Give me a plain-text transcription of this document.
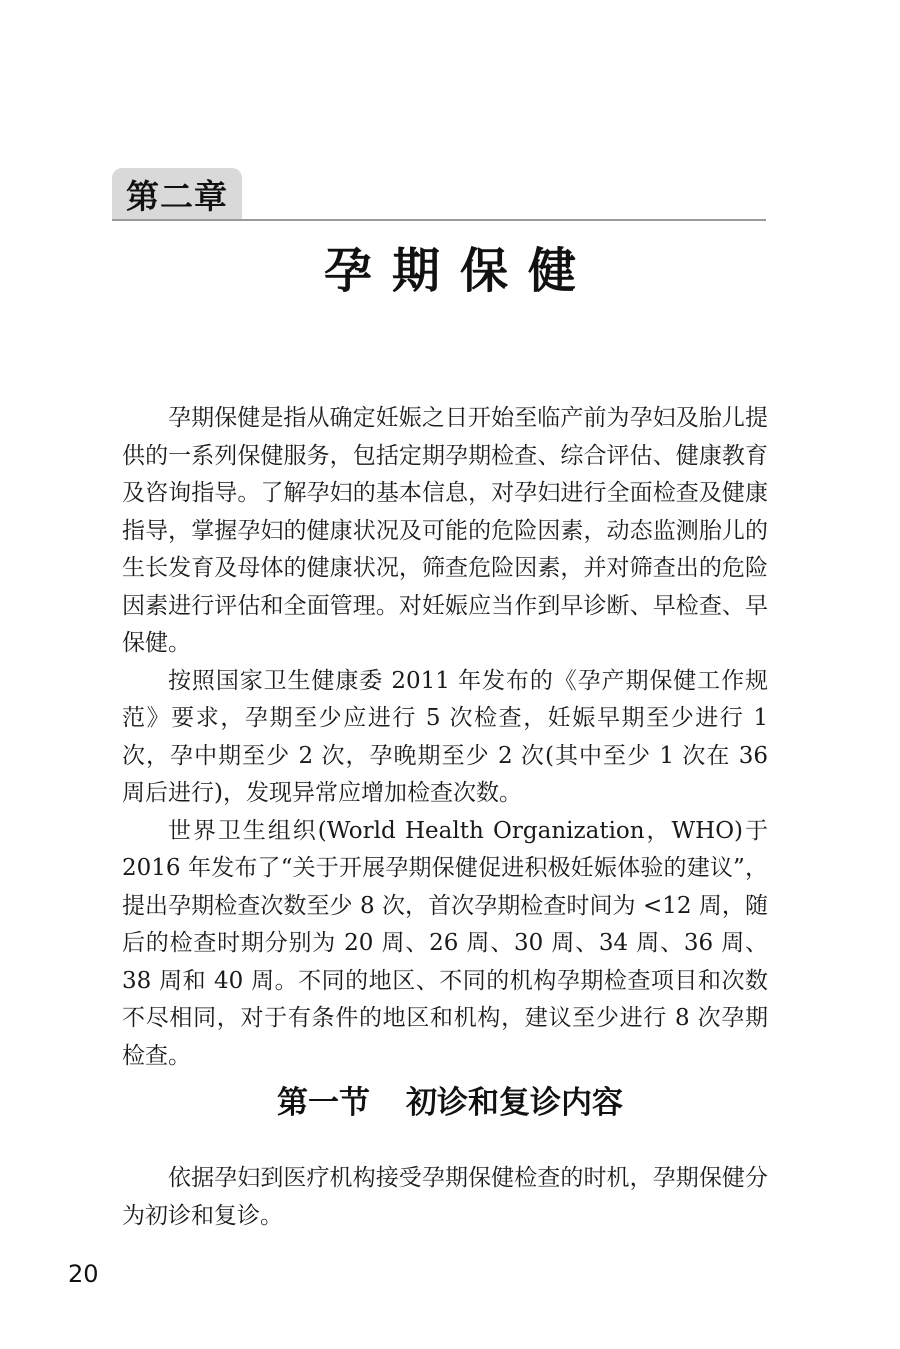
第二章
孕期保健

孕期保健是指从确定妊娠之日开始至临产前为孕妇及胎儿提供的一系列保健服务，包括定期孕期检查、综合评估、健康教育及咨询指导。了解孕妇的基本信息，对孕妇进行全面检查及健康指导，掌握孕妇的健康状况及可能的危险因素，动态监测胎儿的生长发育及母体的健康状况，筛查危险因素，并对筛查出的危险因素进行评估和全面管理。对妊娠应当作到早诊断、早检查、早保健。

按照国家卫生健康委 2011 年发布的《孕产期保健工作规范》要求，孕期至少应进行 5 次检查，妊娠早期至少进行 1 次，孕中期至少 2 次，孕晚期至少 2 次(其中至少 1 次在 36 周后进行)，发现异常应增加检查次数。

世界卫生组织(World Health Organization，WHO)于 2016 年发布了“关于开展孕期保健促进积极妊娠体验的建议”，提出孕期检查次数至少 8 次，首次孕期检查时间为 <12 周，随后的检查时期分别为 20 周、26 周、30 周、34 周、36 周、38 周和 40 周。不同的地区、不同的机构孕期检查项目和次数不尽相同，对于有条件的地区和机构，建议至少进行 8 次孕期检查。

第一节 初诊和复诊内容

依据孕妇到医疗机构接受孕期保健检查的时机，孕期保健分为初诊和复诊。

20
